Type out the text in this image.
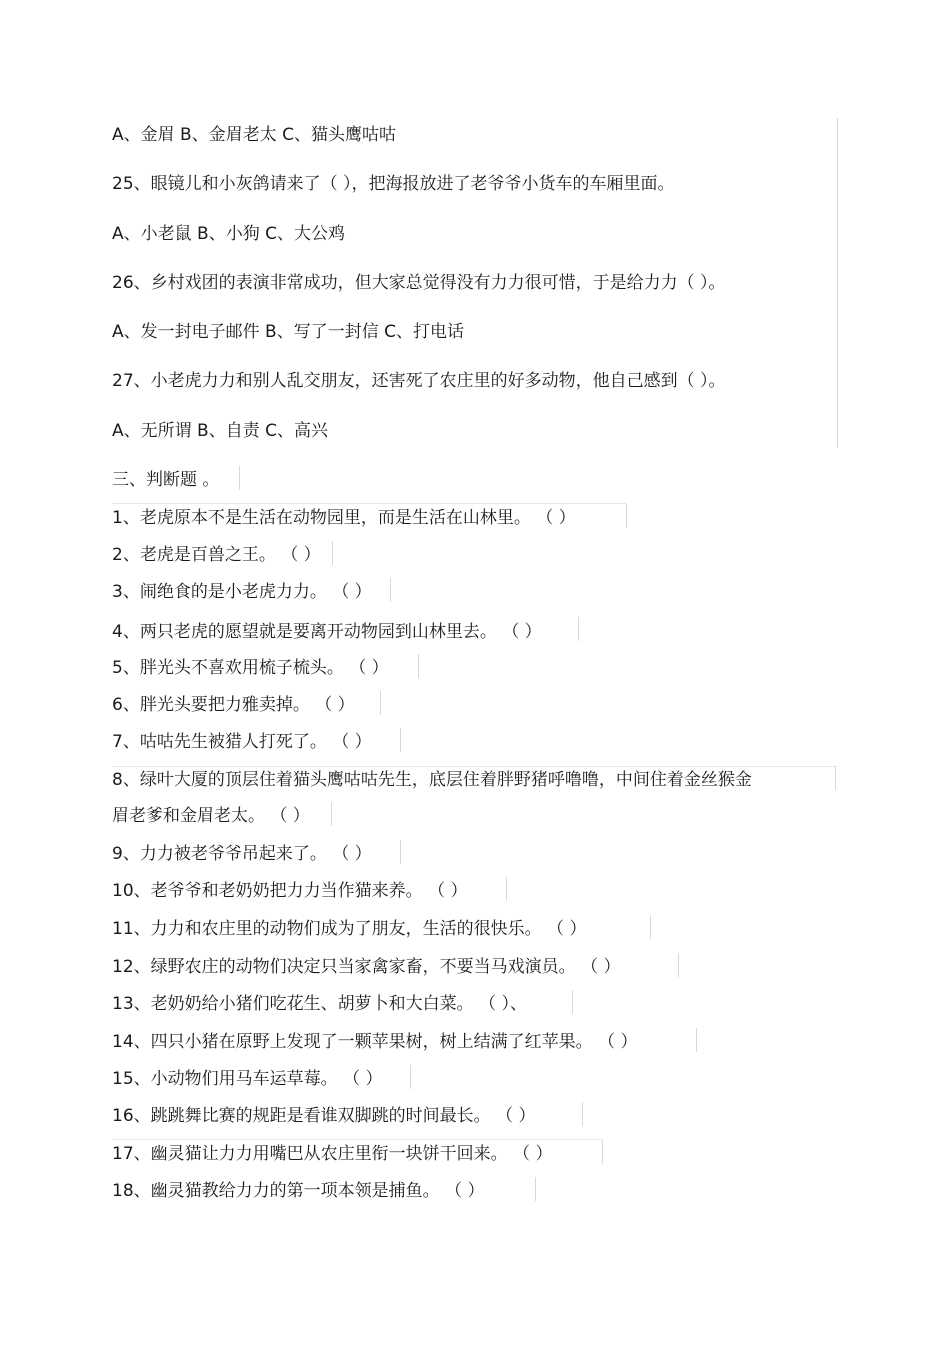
A、金眉 B、金眉老太 C、猫头鹰咕咕
25、眼镜儿和小灰鸽请来了（ ），把海报放进了老爷爷小货车的车厢里面。
A、小老鼠 B、小狗 C、大公鸡
26、乡村戏团的表演非常成功，但大家总觉得没有力力很可惜，于是给力力（ ）。
A、发一封电子邮件 B、写了一封信 C、打电话
27、小老虎力力和别人乱交朋友，还害死了农庄里的好多动物，他自己感到（ ）。
A、无所谓 B、自责 C、高兴
三、判断题 。
1、老虎原本不是生活在动物园里，而是生活在山林里。 （ ）
2、老虎是百兽之王。 （ ）
3、闹绝食的是小老虎力力。 （ ）
4、两只老虎的愿望就是要离开动物园到山林里去。 （ ）
5、胖光头不喜欢用梳子梳头。 （ ）
6、胖光头要把力雅卖掉。 （ ）
7、咕咕先生被猎人打死了。 （ ）
8、绿叶大厦的顶层住着猫头鹰咕咕先生，底层住着胖野猪呼噜噜，中间住着金丝猴金
眉老爹和金眉老太。 （ ）
9、力力被老爷爷吊起来了。 （ ）
10、老爷爷和老奶奶把力力当作猫来养。 （ ）
11、力力和农庄里的动物们成为了朋友，生活的很快乐。 （ ）
12、绿野农庄的动物们决定只当家禽家畜，不要当马戏演员。 （ ）
13、老奶奶给小猪们吃花生、胡萝卜和大白菜。 （ ）、
14、四只小猪在原野上发现了一颗苹果树，树上结满了红苹果。 （ ）
15、小动物们用马车运草莓。 （ ）
16、跳跳舞比赛的规距是看谁双脚跳的时间最长。 （ ）
17、幽灵猫让力力用嘴巴从农庄里衔一块饼干回来。 （ ）
18、幽灵猫教给力力的第一项本领是捕鱼。 （ ）
